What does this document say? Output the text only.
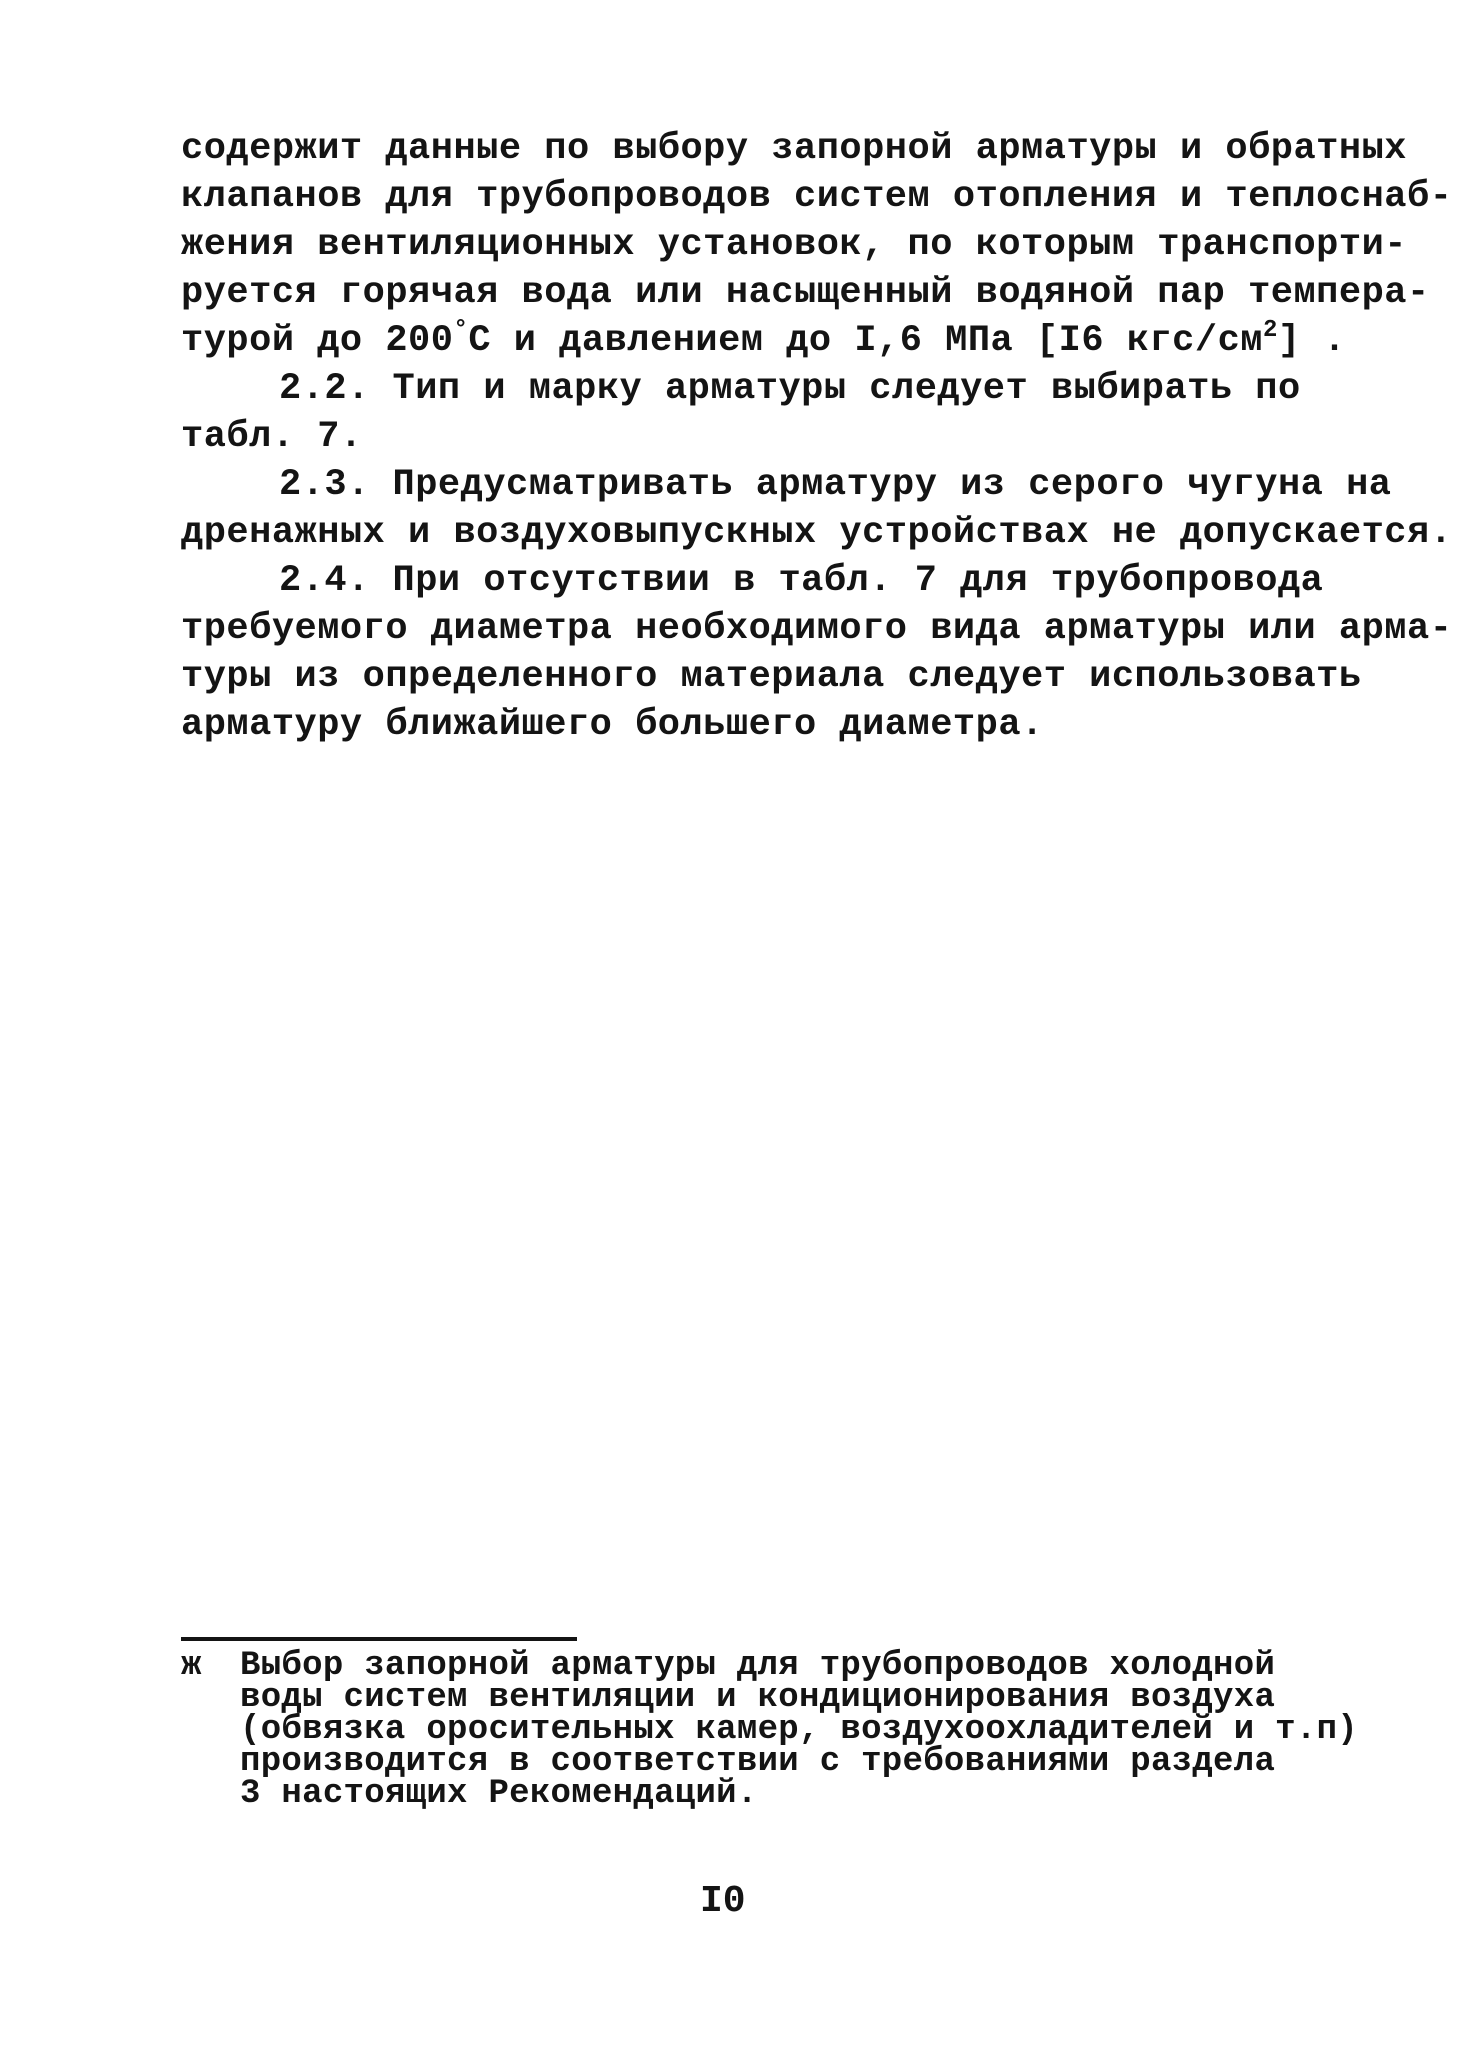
содержит данные по выбору запорной арматуры и обратных
клапанов для трубопроводов систем отопления и теплоснаб-
жения вентиляционных установок, по которым транспорти-
руется горячая вода или насыщенный водяной пар темпера-
турой до 200°С и давлением до I,6 МПа [I6 кгс/$см^2$] .
2.2. Тип и марку арматуры следует выбирать по
табл. 7.
2.3. Предусматривать арматуру из серого чугуна на
дренажных и воздуховыпускных устройствах не допускается.
2.4. При отсутствии в табл. 7 для трубопровода
требуемого диаметра необходимого вида арматуры или арма-
туры из определенного материала следует использовать
арматуру ближайшего большего диаметра.
ж Выбор запорной арматуры для трубопроводов холодной
воды систем вентиляции и кондиционирования воздуха
(обвязка оросительных камер, воздухоохладителей и т.п)
производится в соответствии с требованиями раздела
3 настоящих Рекомендаций.
I0
